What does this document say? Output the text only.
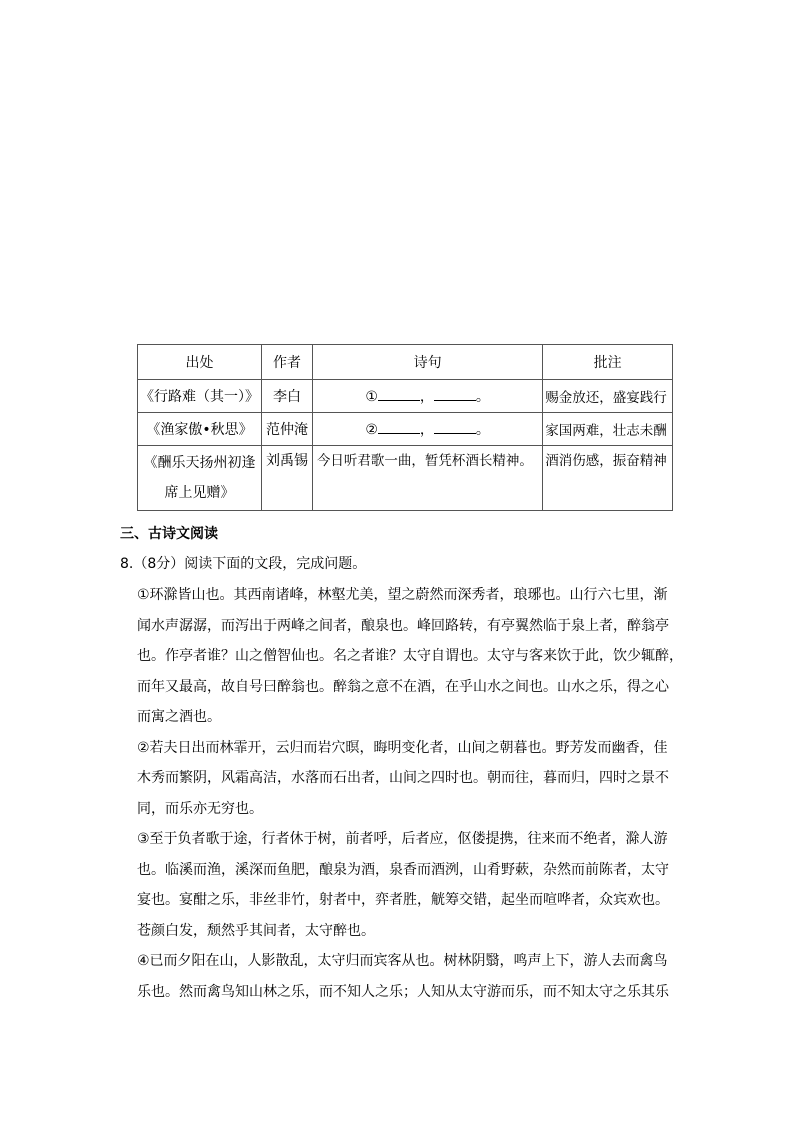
出处	作者	诗句	批注
《行路难（其一）》	李白	① ， 。	赐金放还，盛宴践行
《渔家傲•秋思》	范仲淹	② ， 。	家国两难，壮志未酬

《酬乐天扬州初逢
席上见赠》	刘禹锡	今日听君歌一曲，暂凭杯酒长精神。	酒消伤感，振奋精神
三、古诗文阅读
8.（8分）阅读下面的文段，完成问题。

①环滁皆山也。其西南诸峰，林壑尤美，望之蔚然而深秀者，琅琊也。山行六七里，渐
闻水声潺潺，而泻出于两峰之间者，酿泉也。峰回路转，有亭翼然临于泉上者，醉翁亭
也。作亭者谁？山之僧智仙也。名之者谁？太守自谓也。太守与客来饮于此，饮少辄醉，
而年又最高，故自号曰醉翁也。醉翁之意不在酒，在乎山水之间也。山水之乐，得之心
而寓之酒也。

②若夫日出而林霏开，云归而岩穴暝，晦明变化者，山间之朝暮也。野芳发而幽香，佳
木秀而繁阴，风霜高洁，水落而石出者，山间之四时也。朝而往，暮而归，四时之景不
同，而乐亦无穷也。

③至于负者歌于途，行者休于树，前者呼，后者应，伛偻提携，往来而不绝者，滁人游
也。临溪而渔，溪深而鱼肥，酿泉为酒，泉香而酒洌，山肴野蔌，杂然而前陈者，太守
宴也。宴酣之乐，非丝非竹，射者中，弈者胜，觥筹交错，起坐而喧哗者，众宾欢也。
苍颜白发，颓然乎其间者，太守醉也。

④已而夕阳在山，人影散乱，太守归而宾客从也。树林阴翳，鸣声上下，游人去而禽鸟
乐也。然而禽鸟知山林之乐，而不知人之乐；人知从太守游而乐，而不知太守之乐其乐
